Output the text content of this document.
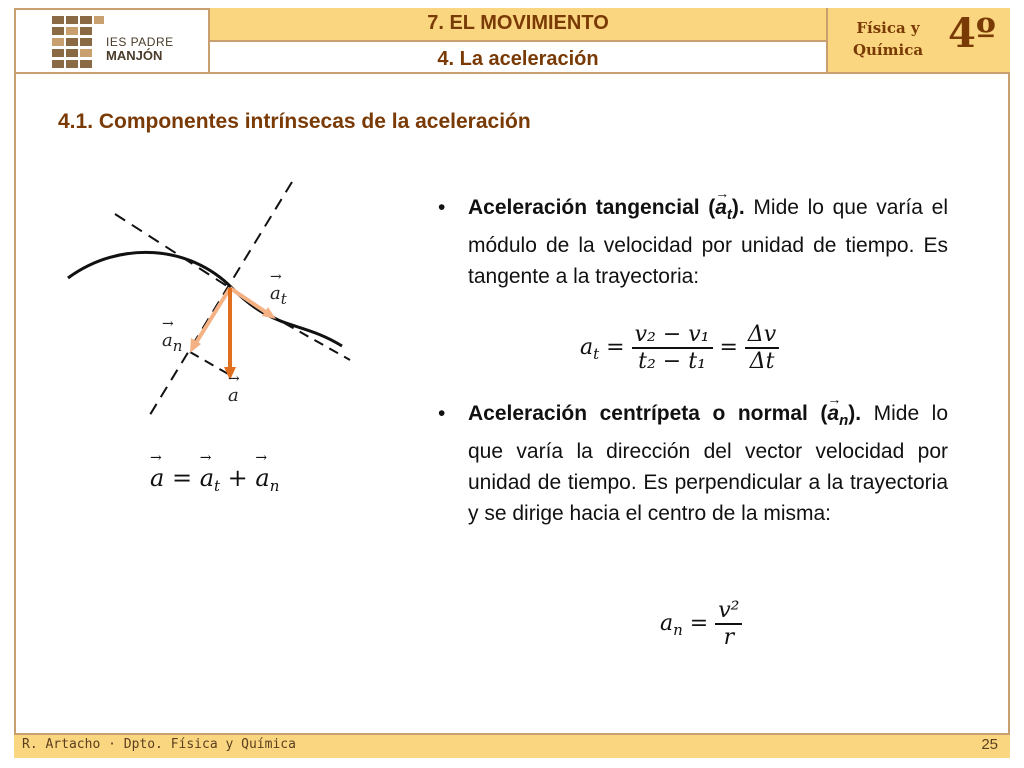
IES PADRE
MANJÓN
7. EL MOVIMIENTO
4. La aceleración
Física y
Química 4º
4.1. Componentes intrínsecas de la aceleración
→ $a_t$
→ $a_n$
→ a
→ a = → $a_t$ + → $a_n$
• Aceleración tangencial (→ $a_t$). Mide lo que varía el módulo de la velocidad por unidad de tiempo. Es tangente a la trayectoria:
• Aceleración centrípeta o normal (→ $a_n$). Mide lo que varía la dirección del vector velocidad por unidad de tiempo. Es perpendicular a la trayectoria y se dirige hacia el centro de la misma:
$a_t = \frac{\text{v₂ − v₁}}{\text{t₂ − t₁}} = \frac{\Delta v}{\Delta t}$
$a_n = \frac{\text{v²}}{r}$
R. Artacho · Dpto. Física y Química	25
